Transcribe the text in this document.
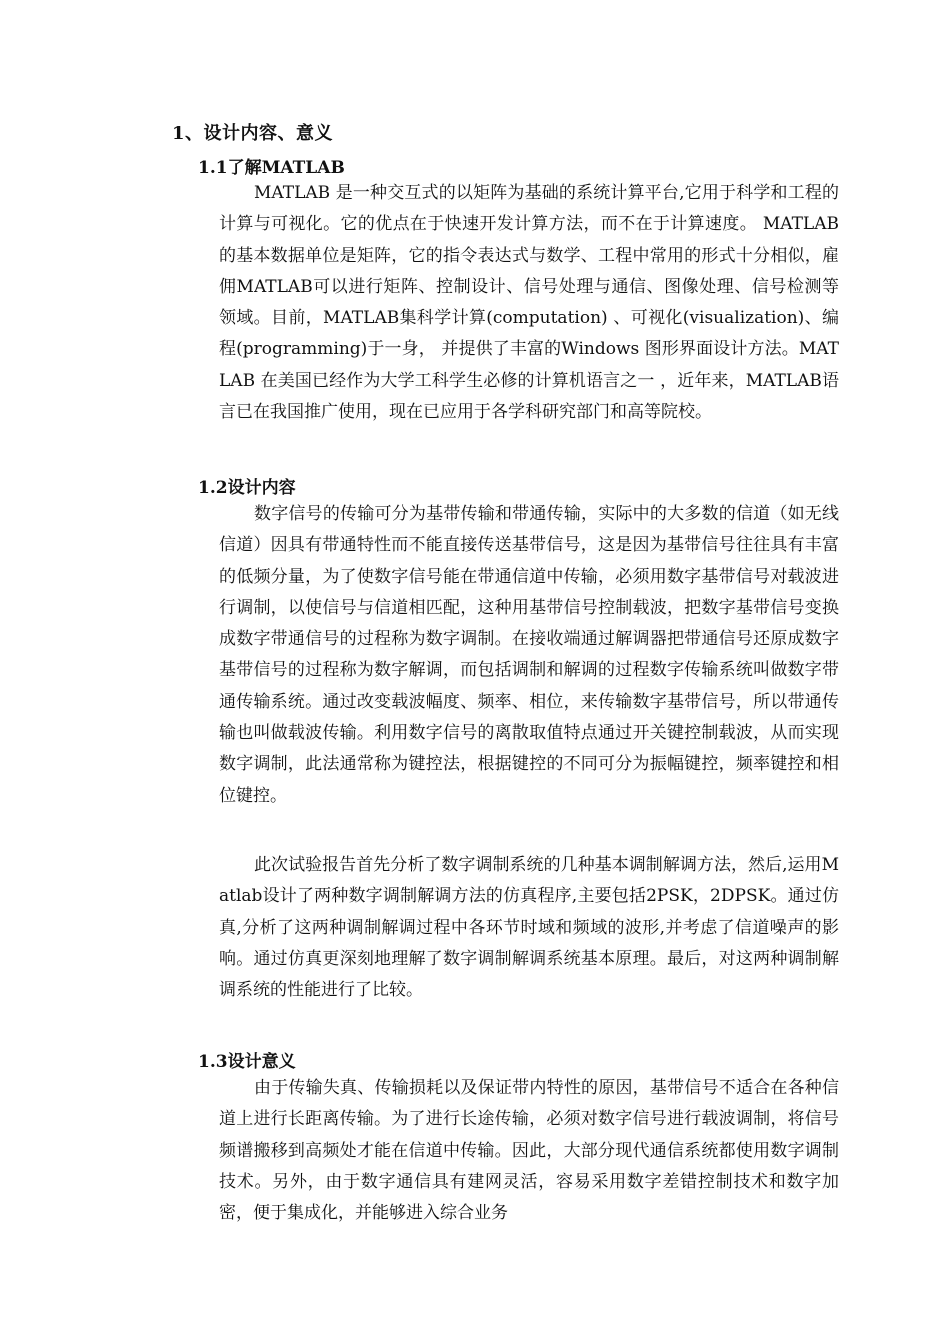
1、设计内容、意义
1.1了解MATLAB
MATLAB 是一种交互式的以矩阵为基础的系统计算平台,它用于科学和工程的计算与可视化。它的优点在于快速开发计算方法，而不在于计算速度。 MATLAB的基本数据单位是矩阵，它的指令表达式与数学、工程中常用的形式十分相似，雇佣MATLAB可以进行矩阵、控制设计、信号处理与通信、图像处理、信号检测等领域。目前，MATLAB集科学计算(computation) 、可视化(visualization)、编程(programming)于一身， 并提供了丰富的Windows 图形界面设计方法。MATLAB 在美国已经作为大学工科学生必修的计算机语言之一 ，近年来，MATLAB语言已在我国推广使用，现在已应用于各学科研究部门和高等院校。
1.2设计内容
数字信号的传输可分为基带传输和带通传输，实际中的大多数的信道（如无线信道）因具有带通特性而不能直接传送基带信号，这是因为基带信号往往具有丰富的低频分量，为了使数字信号能在带通信道中传输，必须用数字基带信号对载波进行调制，以使信号与信道相匹配，这种用基带信号控制载波，把数字基带信号变换成数字带通信号的过程称为数字调制。在接收端通过解调器把带通信号还原成数字基带信号的过程称为数字解调，而包括调制和解调的过程数字传输系统叫做数字带通传输系统。通过改变载波幅度、频率、相位，来传输数字基带信号，所以带通传输也叫做载波传输。利用数字信号的离散取值特点通过开关键控制载波，从而实现数字调制，此法通常称为键控法，根据键控的不同可分为振幅键控，频率键控和相位键控。
此次试验报告首先分析了数字调制系统的几种基本调制解调方法，然后,运用Matlab设计了两种数字调制解调方法的仿真程序,主要包括2PSK，2DPSK。通过仿真,分析了这两种调制解调过程中各环节时域和频域的波形,并考虑了信道噪声的影响。通过仿真更深刻地理解了数字调制解调系统基本原理。最后，对这两种调制解调系统的性能进行了比较。
1.3设计意义
由于传输失真、传输损耗以及保证带内特性的原因，基带信号不适合在各种信道上进行长距离传输。为了进行长途传输，必须对数字信号进行载波调制，将信号频谱搬移到高频处才能在信道中传输。因此，大部分现代通信系统都使用数字调制技术。另外，由于数字通信具有建网灵活，容易采用数字差错控制技术和数字加密，便于集成化，并能够进入综合业务
